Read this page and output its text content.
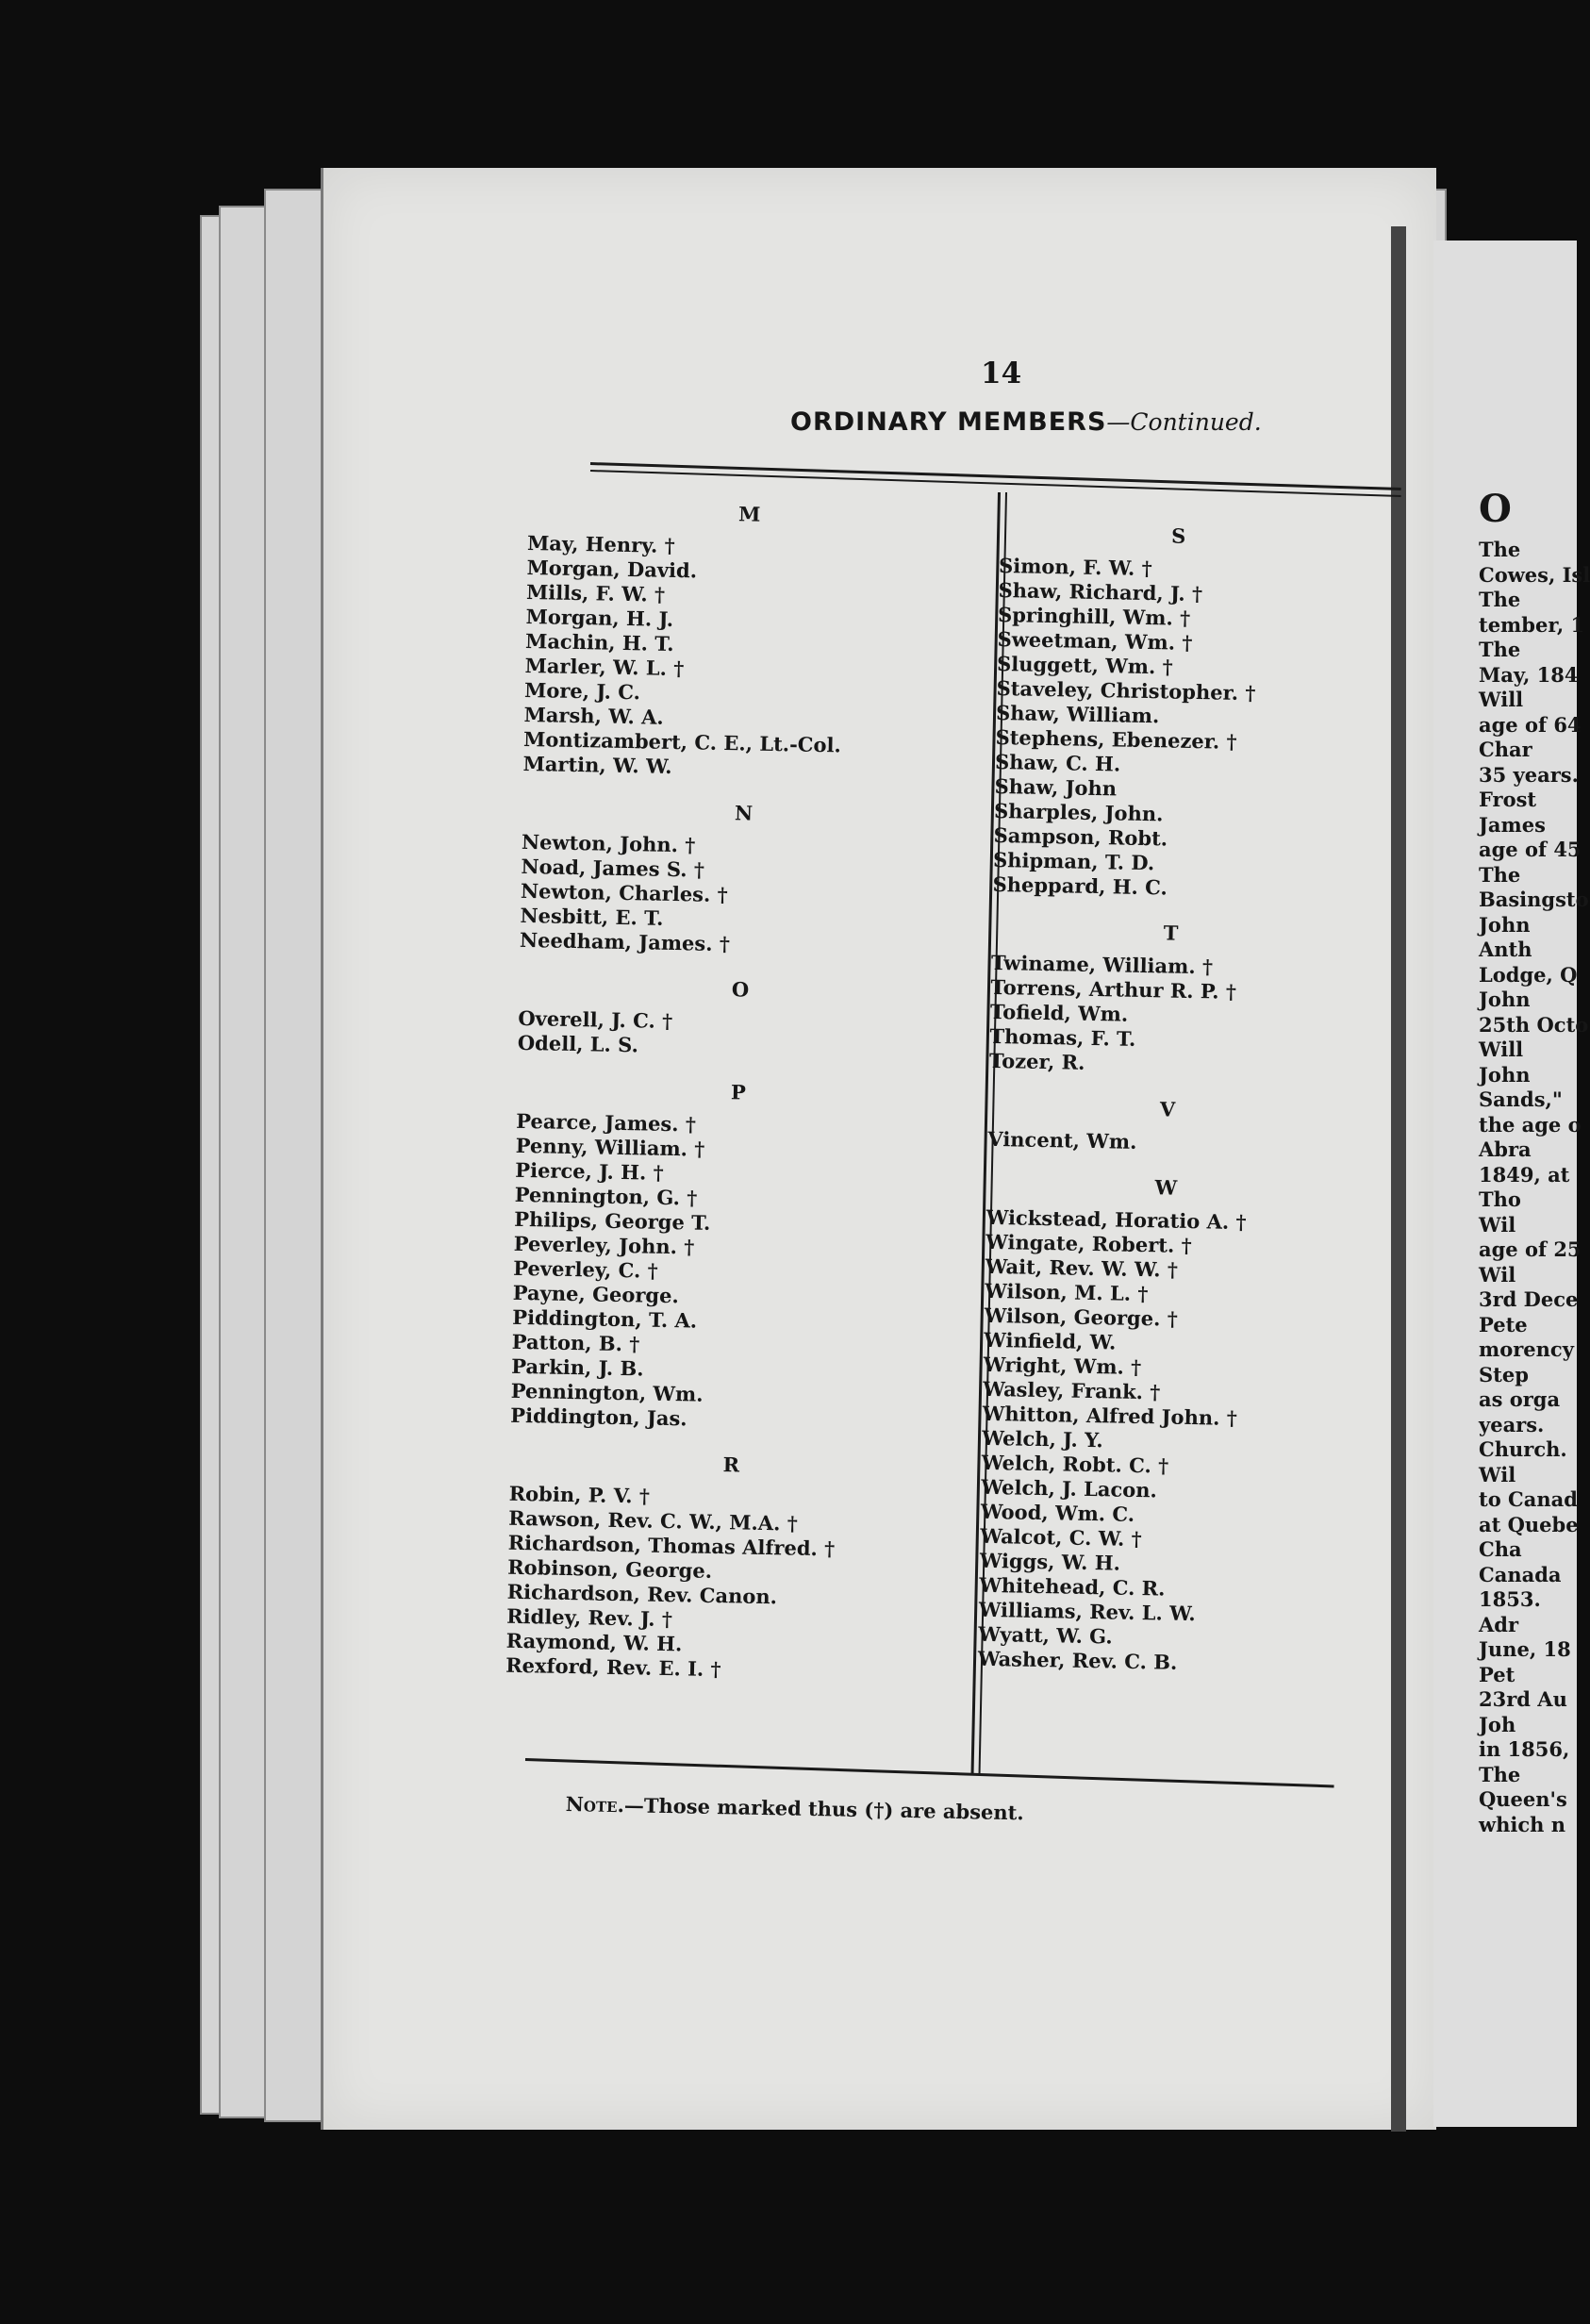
O
The
Cowes, Isl
The
tember, 1
The
May, 184
Will
age of 64
Char
35 years.
Frost
James
age of 45
The
Basingsto
John
Anth
Lodge, Q
John
25th Octo
Will
John
Sands,"
the age o
Abra
1849, at
Tho
Wil
age of 25
Wil
3rd Dece
Pete
morency
Step
as orga
years.
Church.
Wil
to Canad
at Quebe
Cha
Canada
1853.
Adr
June, 18
Pet
23rd Au
Joh
in 1856,
The
Queen's
which n
14
ORDINARY MEMBERS—Continued.
M
May, Henry. †
Morgan, David.
Mills, F. W. †
Morgan, H. J.
Machin, H. T.
Marler, W. L. †
More, J. C.
Marsh, W. A.
Montizambert, C. E., Lt.-Col.
Martin, W. W.
N
Newton, John. †
Noad, James S. †
Newton, Charles. †
Nesbitt, E. T.
Needham, James. †
O
Overell, J. C. †
Odell, L. S.
P
Pearce, James. †
Penny, William. †
Pierce, J. H. †
Pennington, G. †
Philips, George T.
Peverley, John. †
Peverley, C. †
Payne, George.
Piddington, T. A.
Patton, B. †
Parkin, J. B.
Pennington, Wm.
Piddington, Jas.
R
Robin, P. V. †
Rawson, Rev. C. W., M.A. †
Richardson, Thomas Alfred. †
Robinson, George.
Richardson, Rev. Canon.
Ridley, Rev. J. †
Raymond, W. H.
Rexford, Rev. E. I. †
S
Simon, F. W. †
Shaw, Richard, J. †
Springhill, Wm. †
Sweetman, Wm. †
Sluggett, Wm. †
Staveley, Christopher. †
Shaw, William.
Stephens, Ebenezer. †
Shaw, C. H.
Shaw, John
Sharples, John.
Sampson, Robt.
Shipman, T. D.
Sheppard, H. C.
T
Twiname, William. †
Torrens, Arthur R. P. †
Tofield, Wm.
Thomas, F. T.
Tozer, R.
V
Vincent, Wm.
W
Wickstead, Horatio A. †
Wingate, Robert. †
Wait, Rev. W. W. †
Wilson, M. L. †
Wilson, George. †
Winfield, W.
Wright, Wm. †
Wasley, Frank. †
Whitton, Alfred John. †
Welch, J. Y.
Welch, Robt. C. †
Welch, J. Lacon.
Wood, Wm. C.
Walcot, C. W. †
Wiggs, W. H.
Whitehead, C. R.
Williams, Rev. L. W.
Wyatt, W. G.
Washer, Rev. C. B.
Note.—Those marked thus (†) are absent.
